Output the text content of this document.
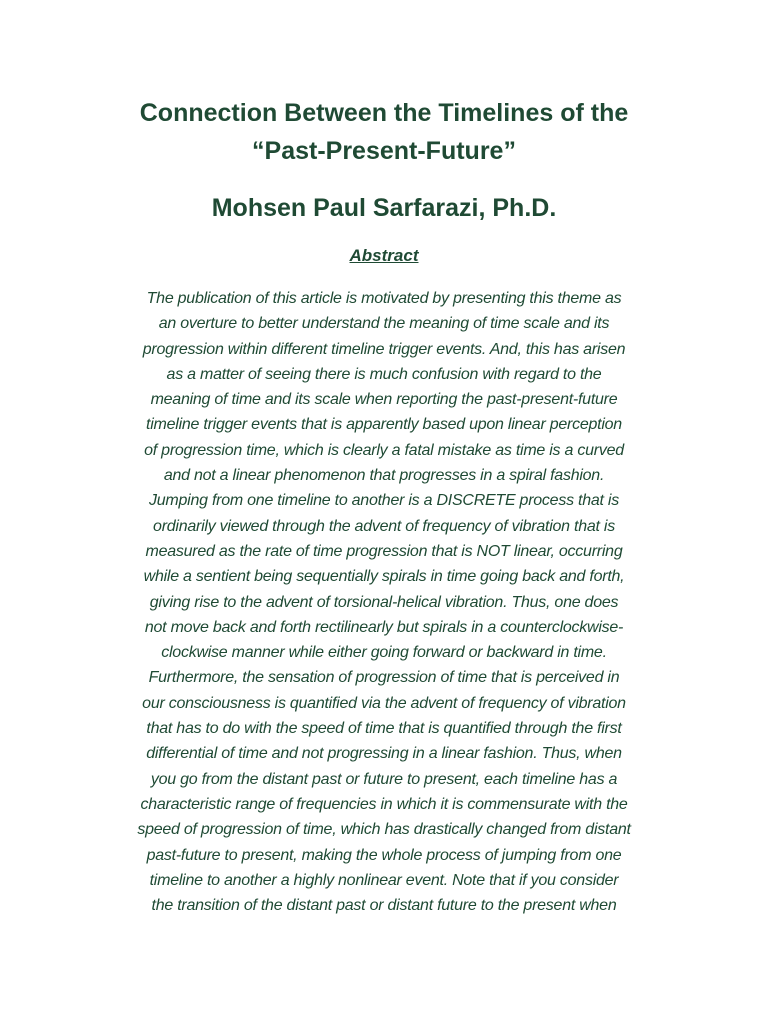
Connection Between the Timelines of the
“Past-Present-Future”
Mohsen Paul Sarfarazi, Ph.D.
Abstract
The publication of this article is motivated by presenting this theme as
an overture to better understand the meaning of time scale and its
progression within different timeline trigger events. And, this has arisen
as a matter of seeing there is much confusion with regard to the
meaning of time and its scale when reporting the past-present-future
timeline trigger events that is apparently based upon linear perception
of progression time, which is clearly a fatal mistake as time is a curved
and not a linear phenomenon that progresses in a spiral fashion.
Jumping from one timeline to another is a DISCRETE process that is
ordinarily viewed through the advent of frequency of vibration that is
measured as the rate of time progression that is NOT linear, occurring
while a sentient being sequentially spirals in time going back and forth,
giving rise to the advent of torsional-helical vibration. Thus, one does
not move back and forth rectilinearly but spirals in a counterclockwise-
clockwise manner while either going forward or backward in time.
Furthermore, the sensation of progression of time that is perceived in
our consciousness is quantified via the advent of frequency of vibration
that has to do with the speed of time that is quantified through the first
differential of time and not progressing in a linear fashion. Thus, when
you go from the distant past or future to present, each timeline has a
characteristic range of frequencies in which it is commensurate with the
speed of progression of time, which has drastically changed from distant
past-future to present, making the whole process of jumping from one
timeline to another a highly nonlinear event. Note that if you consider
the transition of the distant past or distant future to the present when
